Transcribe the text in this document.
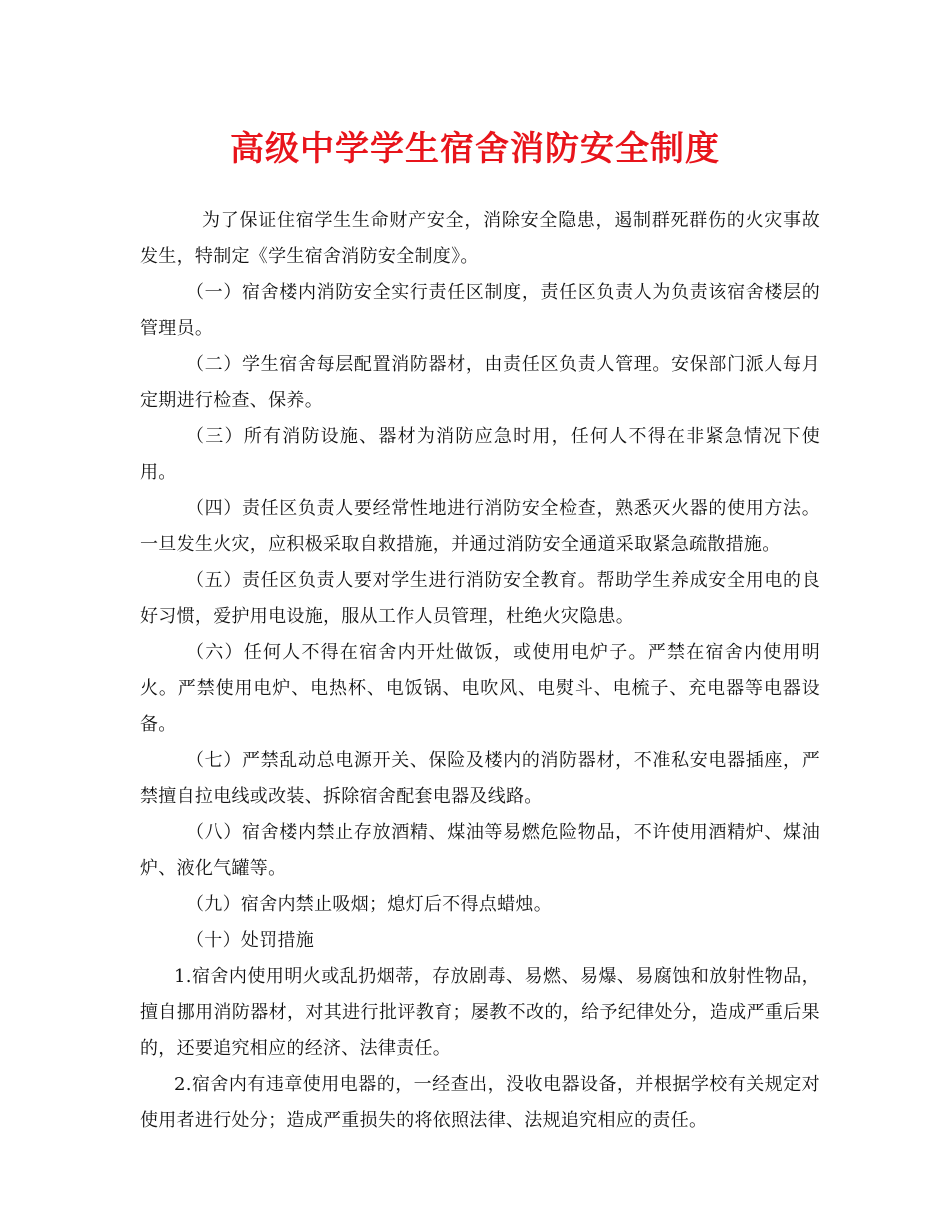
高级中学学生宿舍消防安全制度

为了保证住宿学生生命财产安全，消除安全隐患，遏制群死群伤的火灾事故发生，特制定《学生宿舍消防安全制度》。

（一）宿舍楼内消防安全实行责任区制度，责任区负责人为负责该宿舍楼层的管理员。

（二）学生宿舍每层配置消防器材，由责任区负责人管理。安保部门派人每月定期进行检查、保养。

（三）所有消防设施、器材为消防应急时用，任何人不得在非紧急情况下使用。

（四）责任区负责人要经常性地进行消防安全检查，熟悉灭火器的使用方法。一旦发生火灾，应积极采取自救措施，并通过消防安全通道采取紧急疏散措施。

（五）责任区负责人要对学生进行消防安全教育。帮助学生养成安全用电的良好习惯，爱护用电设施，服从工作人员管理，杜绝火灾隐患。

（六）任何人不得在宿舍内开灶做饭，或使用电炉子。严禁在宿舍内使用明火。严禁使用电炉、电热杯、电饭锅、电吹风、电熨斗、电梳子、充电器等电器设备。

（七）严禁乱动总电源开关、保险及楼内的消防器材，不准私安电器插座，严禁擅自拉电线或改装、拆除宿舍配套电器及线路。

（八）宿舍楼内禁止存放酒精、煤油等易燃危险物品，不许使用酒精炉、煤油炉、液化气罐等。

（九）宿舍内禁止吸烟；熄灯后不得点蜡烛。

（十）处罚措施

1.宿舍内使用明火或乱扔烟蒂，存放剧毒、易燃、易爆、易腐蚀和放射性物品，擅自挪用消防器材，对其进行批评教育；屡教不改的，给予纪律处分，造成严重后果的，还要追究相应的经济、法律责任。

2.宿舍内有违章使用电器的，一经查出，没收电器设备，并根据学校有关规定对使用者进行处分；造成严重损失的将依照法律、法规追究相应的责任。
